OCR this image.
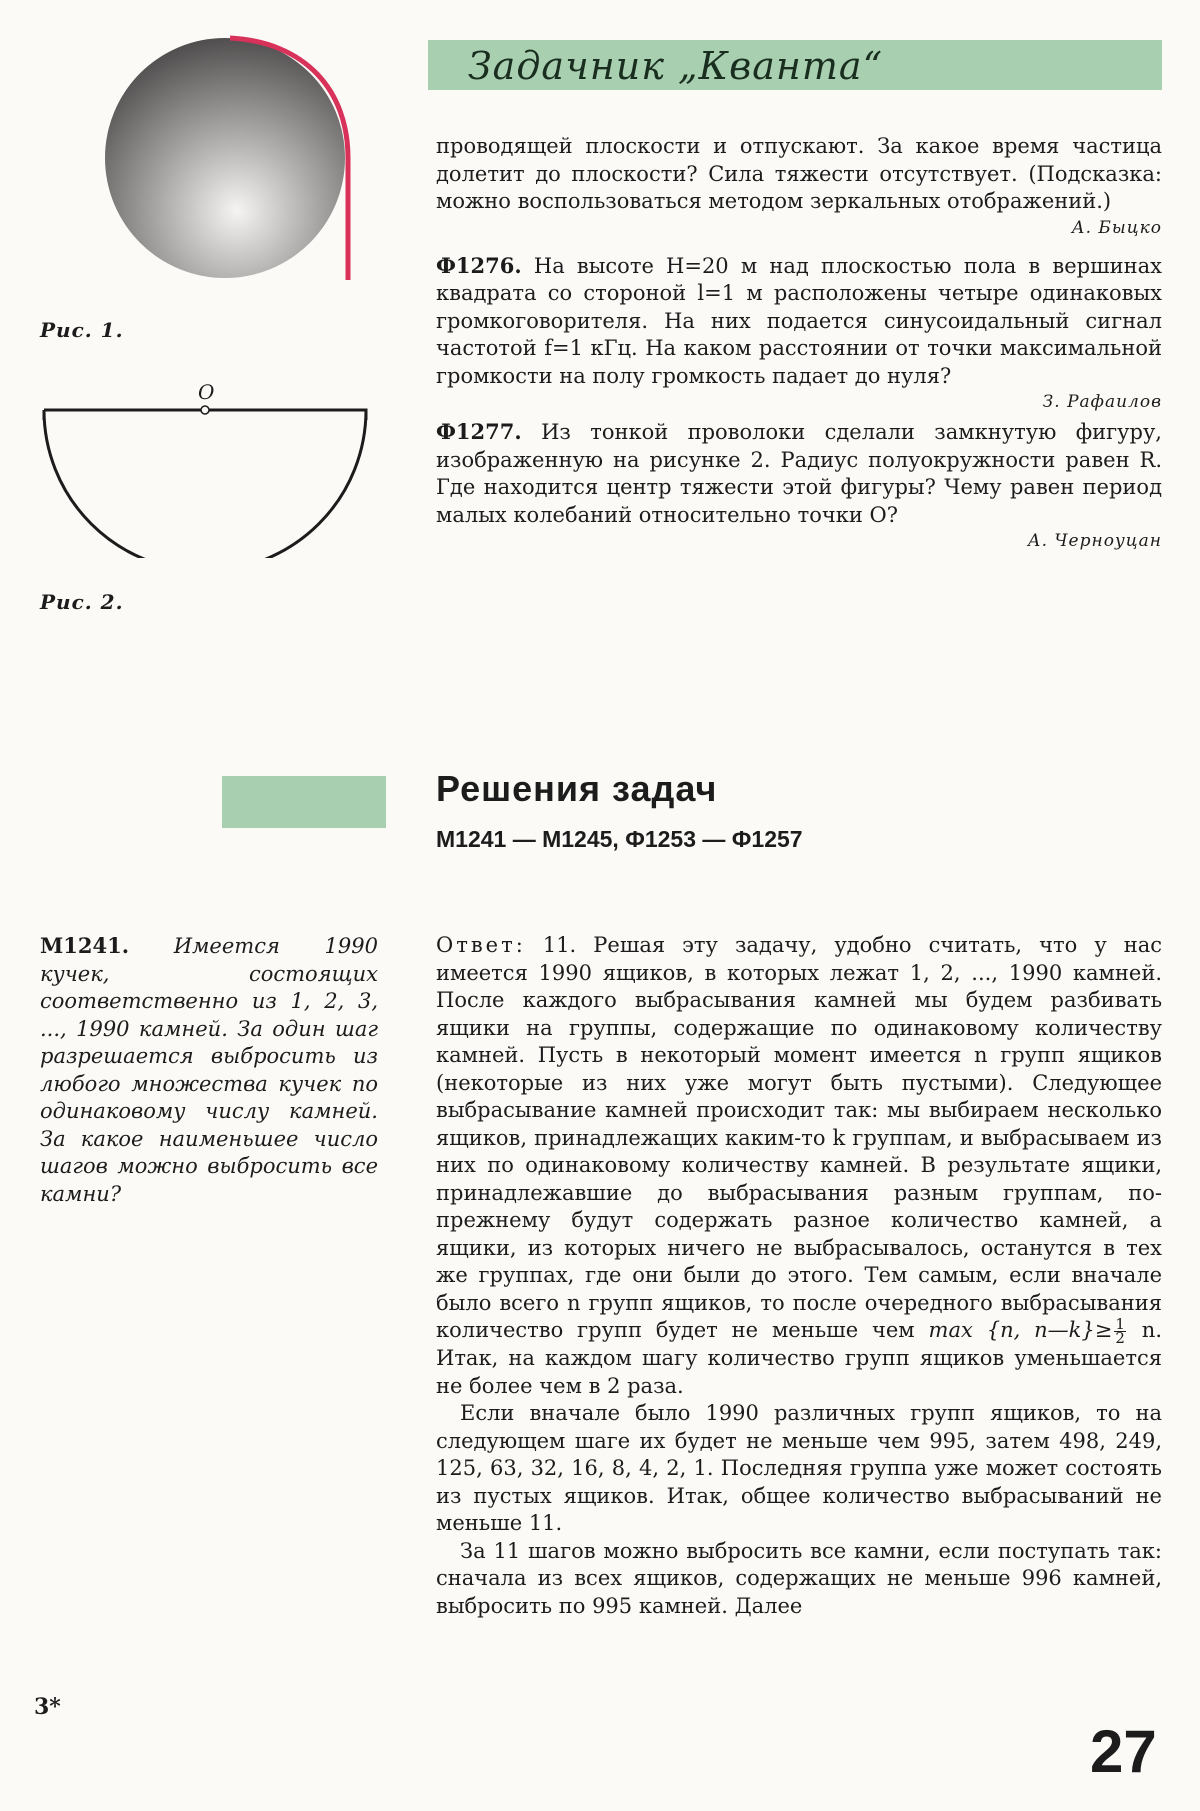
Задачник „Кванта“
Рис. 1.
O
Рис. 2.

проводящей плоскости и отпускают. За какое время частица долетит до плоскости? Сила тяжести отсутствует. (Подсказка: можно воспользоваться методом зеркальных отображений.)

А. Быцко

Ф1276. На высоте H=20 м над плоскостью пола в вершинах квадрата со стороной l=1 м расположены четыре одинаковых громкоговорителя. На них подается синусоидальный сигнал частотой f=1 кГц. На каком расстоянии от точки максимальной громкости на полу громкость падает до нуля?

З. Рафаилов

Ф1277. Из тонкой проволоки сделали замкнутую фигуру, изображенную на рисунке 2. Радиус полуокружности равен R. Где находится центр тяжести этой фигуры? Чему равен период малых колебаний относительно точки O?

А. Черноуцан
Решения задач
М1241 — М1245, Ф1253 — Ф1257

М1241. Имеется 1990 кучек, состоящих соответственно из 1, 2, 3, ..., 1990 камней. За один шаг разрешается выбросить из любого множества кучек по одинаковому числу камней. За какое наименьшее число шагов можно выбросить все камни?

Ответ: 11. Решая эту задачу, удобно считать, что у нас имеется 1990 ящиков, в которых лежат 1, 2, ..., 1990 камней. После каждого выбрасывания камней мы будем разбивать ящики на группы, содержащие по одинаковому количеству камней. Пусть в некоторый момент имеется n групп ящиков (некоторые из них уже могут быть пустыми). Следующее выбрасывание камней происходит так: мы выбираем несколько ящиков, принадлежащих каким-то k группам, и выбрасываем из них по одинаковому количеству камней. В результате ящики, принадлежавшие до выбрасывания разным группам, по-прежнему будут содержать разное количество камней, а ящики, из которых ничего не выбрасывалось, останутся в тех же группах, где они были до этого. Тем самым, если вначале было всего n групп ящиков, то после очередного выбрасывания количество групп будет не меньше чем max {n, n—k}≥ $\frac{1}{2} n$. Итак, на каждом шагу количество групп ящиков уменьшается не более чем в 2 раза.

Если вначале было 1990 различных групп ящиков, то на следующем шаге их будет не меньше чем 995, затем 498, 249, 125, 63, 32, 16, 8, 4, 2, 1. Последняя группа уже может состоять из пустых ящиков. Итак, общее количество выбрасываний не меньше 11.

За 11 шагов можно выбросить все камни, если поступать так: сначала из всех ящиков, содержащих не меньше 996 камней, выбросить по 995 камней. Далее

3*
27
